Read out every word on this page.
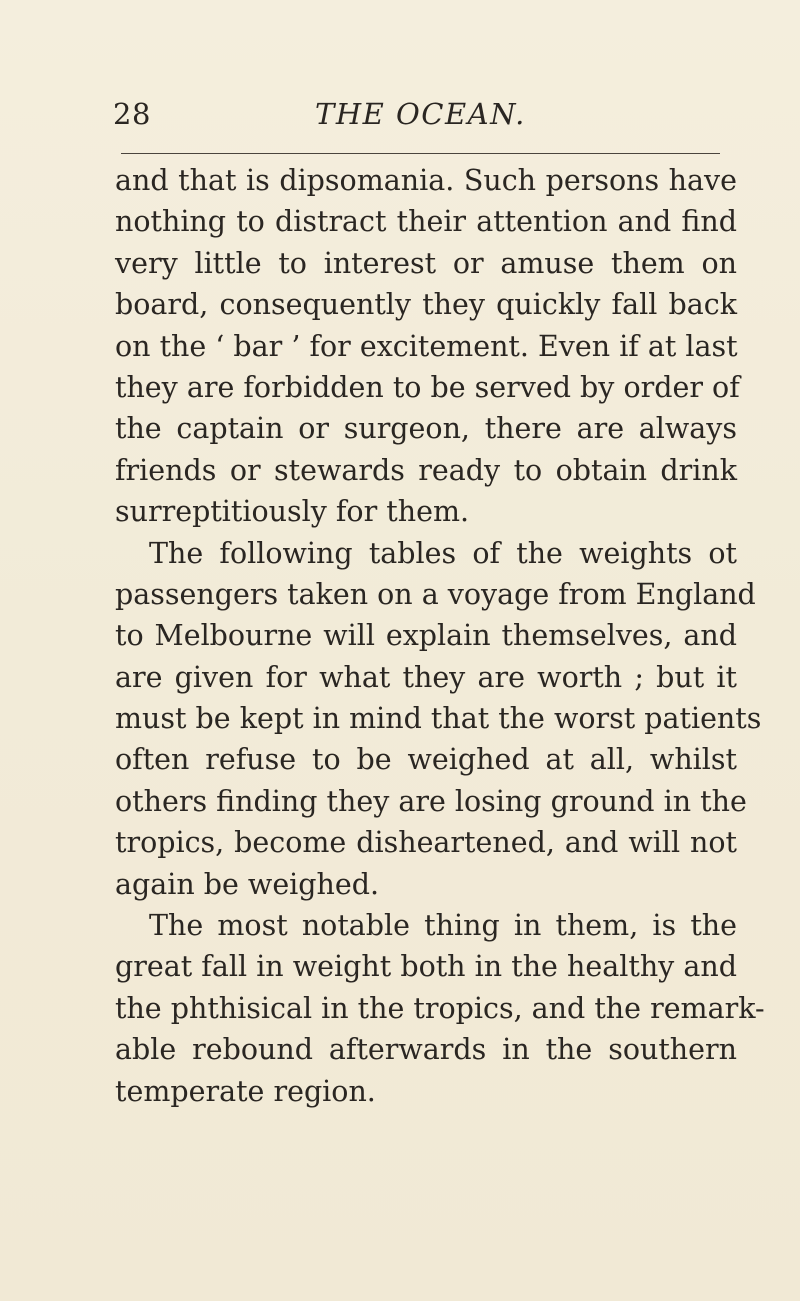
28	THE OCEAN.
and that is dipsomania. Such persons have
nothing to distract their attention and find
very little to interest or amuse them on
board, consequently they quickly fall back
on the ‘ bar ’ for excitement. Even if at last
they are forbidden to be served by order of
the captain or surgeon, there are always
friends or stewards ready to obtain drink
surreptitiously for them.
The following tables of the weights ot
passengers taken on a voyage from England
to Melbourne will explain themselves, and
are given for what they are worth ; but it
must be kept in mind that the worst patients
often refuse to be weighed at all, whilst
others finding they are losing ground in the
tropics, become disheartened, and will not
again be weighed.
The most notable thing in them, is the
great fall in weight both in the healthy and
the phthisical in the tropics, and the remark-
able rebound afterwards in the southern
temperate region.
